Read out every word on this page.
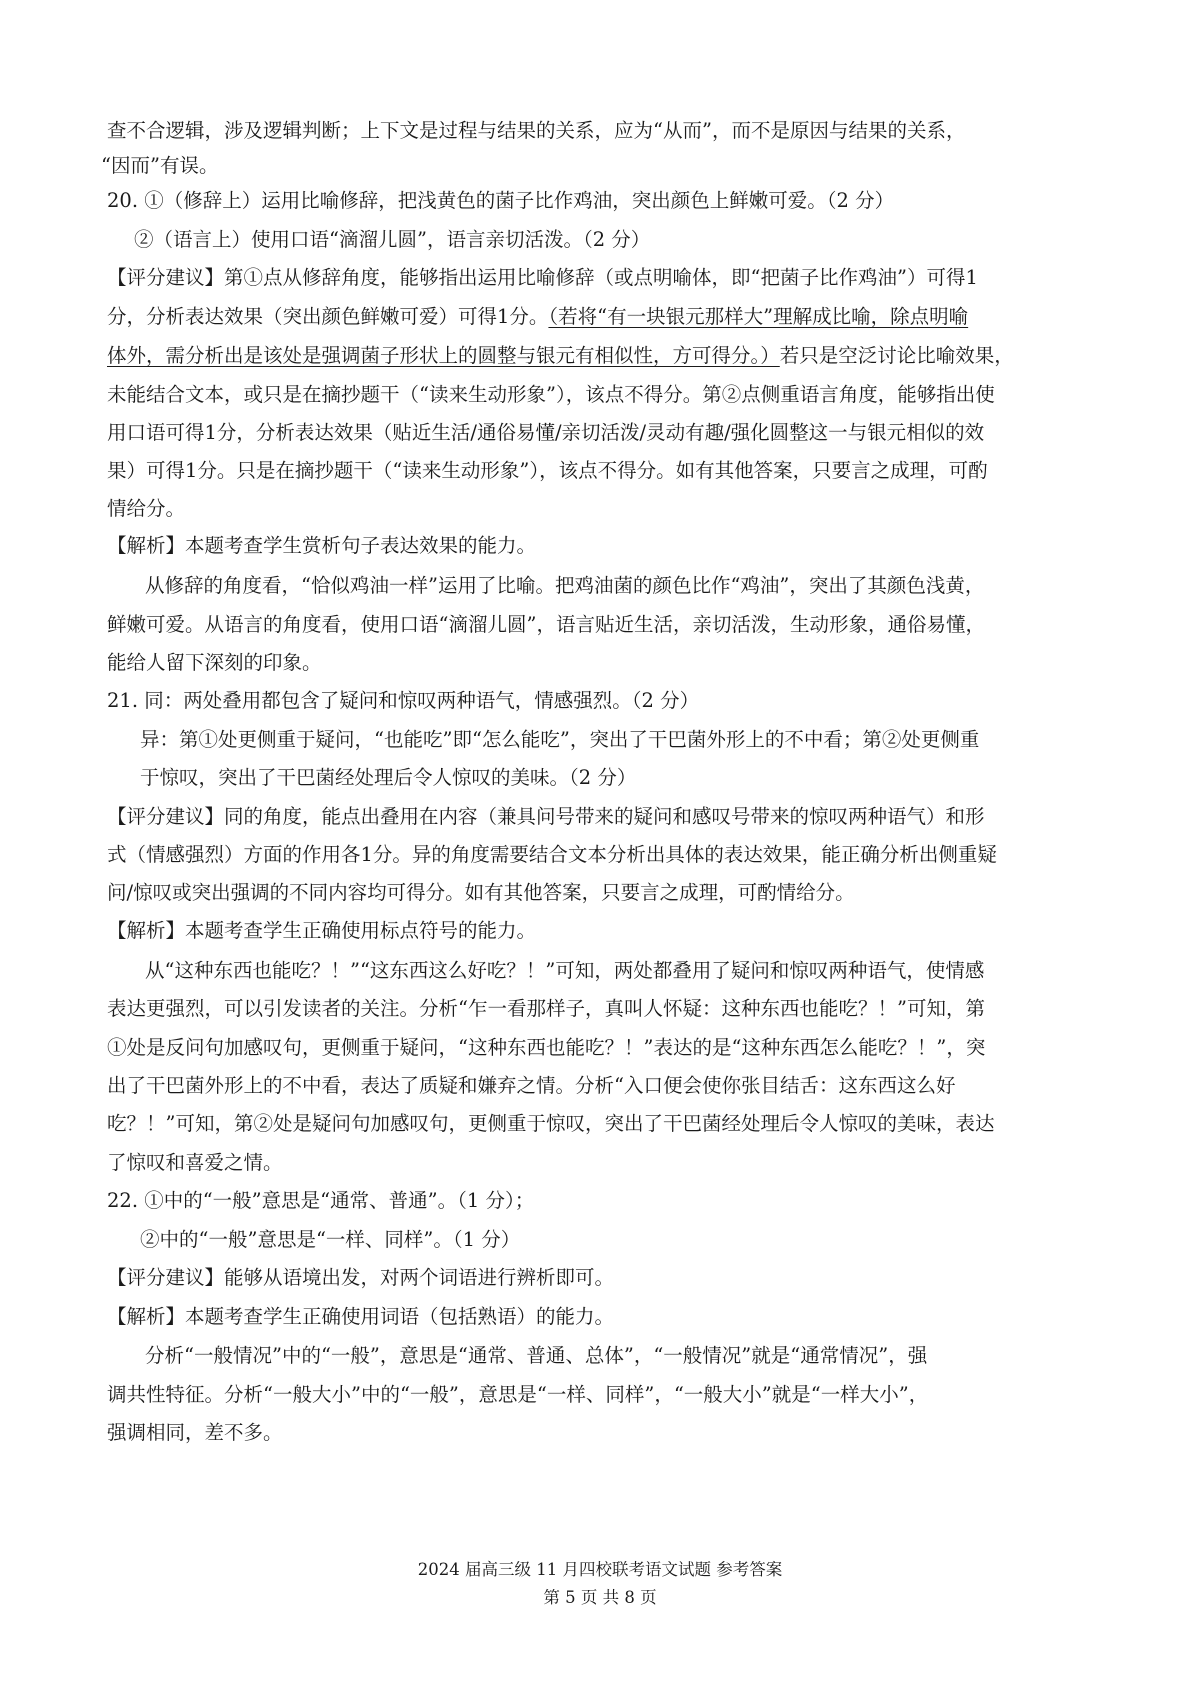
查不合逻辑，涉及逻辑判断；上下文是过程与结果的关系，应为“从而”，而不是原因与结果的关系，
“因而”有误。
20. ①（修辞上）运用比喻修辞，把浅黄色的菌子比作鸡油，突出颜色上鲜嫩可爱。（2 分）
②（语言上）使用口语“滴溜儿圆”，语言亲切活泼。（2 分）
【评分建议】第①点从修辞角度，能够指出运用比喻修辞（或点明喻体，即“把菌子比作鸡油”）可得1
分，分析表达效果（突出颜色鲜嫩可爱）可得1分。（若将“有一块银元那样大”理解成比喻，除点明喻
体外，需分析出是该处是强调菌子形状上的圆整与银元有相似性，方可得分。）若只是空泛讨论比喻效果，
未能结合文本，或只是在摘抄题干（“读来生动形象”），该点不得分。第②点侧重语言角度，能够指出使
用口语可得1分，分析表达效果（贴近生活/通俗易懂/亲切活泼/灵动有趣/强化圆整这一与银元相似的效
果）可得1分。只是在摘抄题干（“读来生动形象”），该点不得分。如有其他答案，只要言之成理，可酌
情给分。
【解析】本题考查学生赏析句子表达效果的能力。
从修辞的角度看，“恰似鸡油一样”运用了比喻。把鸡油菌的颜色比作“鸡油”，突出了其颜色浅黄，
鲜嫩可爱。从语言的角度看，使用口语“滴溜儿圆”，语言贴近生活，亲切活泼，生动形象，通俗易懂，
能给人留下深刻的印象。
21. 同：两处叠用都包含了疑问和惊叹两种语气，情感强烈。（2 分）
异：第①处更侧重于疑问，“也能吃”即“怎么能吃”，突出了干巴菌外形上的不中看；第②处更侧重
于惊叹，突出了干巴菌经处理后令人惊叹的美味。（2 分）
【评分建议】同的角度，能点出叠用在内容（兼具问号带来的疑问和感叹号带来的惊叹两种语气）和形
式（情感强烈）方面的作用各1分。异的角度需要结合文本分析出具体的表达效果，能正确分析出侧重疑
问/惊叹或突出强调的不同内容均可得分。如有其他答案，只要言之成理，可酌情给分。
【解析】本题考查学生正确使用标点符号的能力。
从“这种东西也能吃？！”“这东西这么好吃？！”可知，两处都叠用了疑问和惊叹两种语气，使情感
表达更强烈，可以引发读者的关注。分析“乍一看那样子，真叫人怀疑：这种东西也能吃？！”可知，第
①处是反问句加感叹句，更侧重于疑问，“这种东西也能吃？！”表达的是“这种东西怎么能吃？！”，突
出了干巴菌外形上的不中看，表达了质疑和嫌弃之情。分析“入口便会使你张目结舌：这东西这么好
吃？！”可知，第②处是疑问句加感叹句，更侧重于惊叹，突出了干巴菌经处理后令人惊叹的美味，表达
了惊叹和喜爱之情。
22. ①中的“一般”意思是“通常、普通”。（1 分）；
②中的“一般”意思是“一样、同样”。（1 分）
【评分建议】能够从语境出发，对两个词语进行辨析即可。
【解析】本题考查学生正确使用词语（包括熟语）的能力。
分析“一般情况”中的“一般”，意思是“通常、普通、总体”，“一般情况”就是“通常情况”，强
调共性特征。分析“一般大小”中的“一般”，意思是“一样、同样”，“一般大小”就是“一样大小”，
强调相同，差不多。
2024 届高三级 11 月四校联考语文试题 参考答案
第 5 页 共 8 页
